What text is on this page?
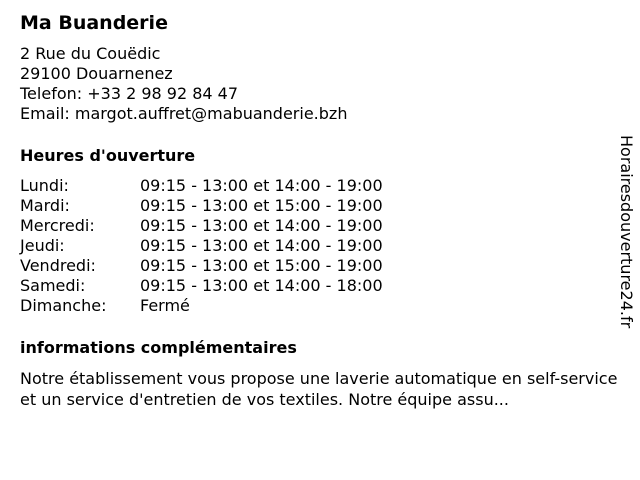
Ma Buanderie
2 Rue du Couëdic
29100 Douarnenez
Telefon: +33 2 98 92 84 47
Email: margot.auffret@mabuanderie.bzh
Heures d'ouverture
Lundi:	09:15 - 13:00 et 14:00 - 19:00
Mardi:	09:15 - 13:00 et 15:00 - 19:00
Mercredi:	09:15 - 13:00 et 14:00 - 19:00
Jeudi:	09:15 - 13:00 et 14:00 - 19:00
Vendredi:	09:15 - 13:00 et 15:00 - 19:00
Samedi:	09:15 - 13:00 et 14:00 - 18:00
Dimanche:	Fermé
informations complémentaires
Notre établissement vous propose une laverie automatique en self-service et un service d'entretien de vos textiles. Notre équipe assu...
Horairesdouverture24.fr
